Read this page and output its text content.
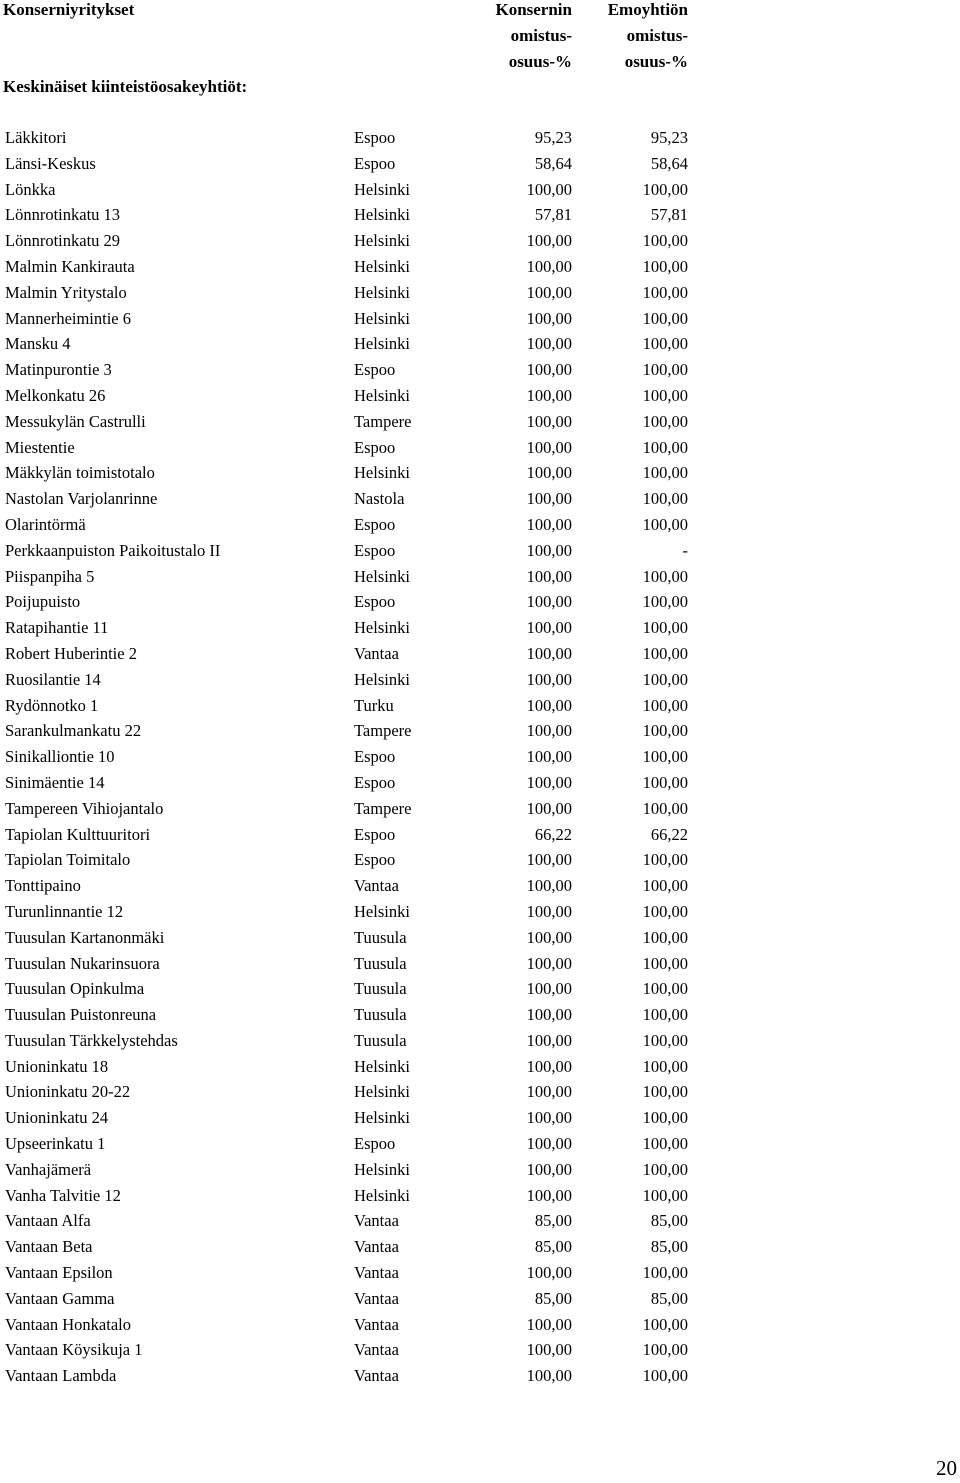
Konserniyritykset
Keskinäiset kiinteistöosakeyhtiöt:
Konsernin
omistus-
osuus-%
Emoyhtiön
omistus-
osuus-%
Läkkitori	Espoo	95,23	95,23
Länsi-Keskus	Espoo	58,64	58,64
Lönkka	Helsinki	100,00	100,00
Lönnrotinkatu 13	Helsinki	57,81	57,81
Lönnrotinkatu 29	Helsinki	100,00	100,00
Malmin Kankirauta	Helsinki	100,00	100,00
Malmin Yritystalo	Helsinki	100,00	100,00
Mannerheimintie 6	Helsinki	100,00	100,00
Mansku 4	Helsinki	100,00	100,00
Matinpurontie 3	Espoo	100,00	100,00
Melkonkatu 26	Helsinki	100,00	100,00
Messukylän Castrulli	Tampere	100,00	100,00
Miestentie	Espoo	100,00	100,00
Mäkkylän toimistotalo	Helsinki	100,00	100,00
Nastolan Varjolanrinne	Nastola	100,00	100,00
Olarintörmä	Espoo	100,00	100,00
Perkkaanpuiston Paikoitustalo II	Espoo	100,00	-
Piispanpiha 5	Helsinki	100,00	100,00
Poijupuisto	Espoo	100,00	100,00
Ratapihantie 11	Helsinki	100,00	100,00
Robert Huberintie 2	Vantaa	100,00	100,00
Ruosilantie 14	Helsinki	100,00	100,00
Rydönnotko 1	Turku	100,00	100,00
Sarankulmankatu 22	Tampere	100,00	100,00
Sinikalliontie 10	Espoo	100,00	100,00
Sinimäentie 14	Espoo	100,00	100,00
Tampereen Vihiojantalo	Tampere	100,00	100,00
Tapiolan Kulttuuritori	Espoo	66,22	66,22
Tapiolan Toimitalo	Espoo	100,00	100,00
Tonttipaino	Vantaa	100,00	100,00
Turunlinnantie 12	Helsinki	100,00	100,00
Tuusulan Kartanonmäki	Tuusula	100,00	100,00
Tuusulan Nukarinsuora	Tuusula	100,00	100,00
Tuusulan Opinkulma	Tuusula	100,00	100,00
Tuusulan Puistonreuna	Tuusula	100,00	100,00
Tuusulan Tärkkelystehdas	Tuusula	100,00	100,00
Unioninkatu 18	Helsinki	100,00	100,00
Unioninkatu 20-22	Helsinki	100,00	100,00
Unioninkatu 24	Helsinki	100,00	100,00
Upseerinkatu 1	Espoo	100,00	100,00
Vanhajämerä	Helsinki	100,00	100,00
Vanha Talvitie 12	Helsinki	100,00	100,00
Vantaan Alfa	Vantaa	85,00	85,00
Vantaan Beta	Vantaa	85,00	85,00
Vantaan Epsilon	Vantaa	100,00	100,00
Vantaan Gamma	Vantaa	85,00	85,00
Vantaan Honkatalo	Vantaa	100,00	100,00
Vantaan Köysikuja 1	Vantaa	100,00	100,00
Vantaan Lambda	Vantaa	100,00	100,00
20
